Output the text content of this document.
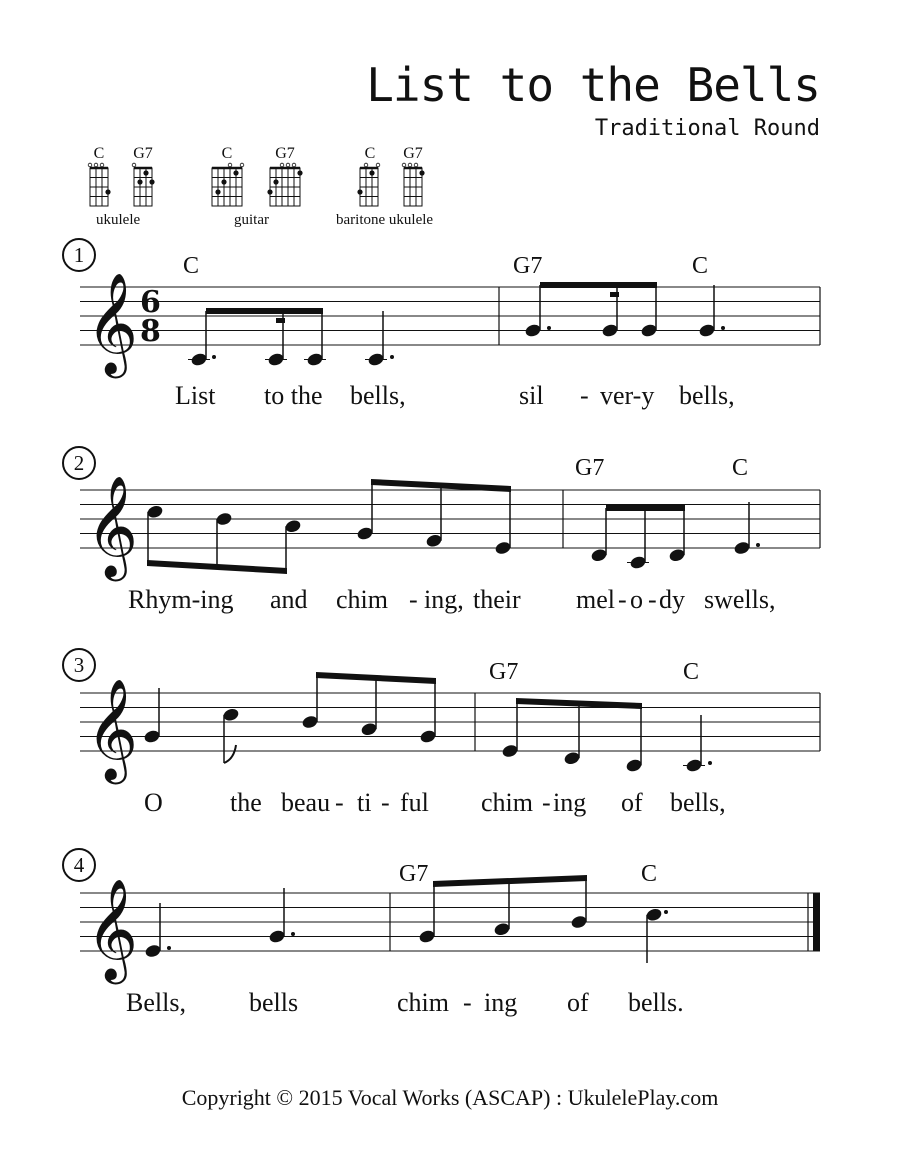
List to the Bells
Traditional Round
C	G7	C	G7	C	G7
ukulele	guitar	baritone ukulele
𝄞 6
8
𝄞
𝄞
𝄞
1
2
3
4
C	G7	C
G7	C
G7	C
G7	C
List to the bells,	sil - ver-y bells,
Rhym-ing and chim - ing, their mel - o - dy swells,
O	the beau - ti - ful chim - ing of bells,
Bells, bells	chim - ing of bells.
Copyright © 2015 Vocal Works (ASCAP) : UkulelePlay.com
